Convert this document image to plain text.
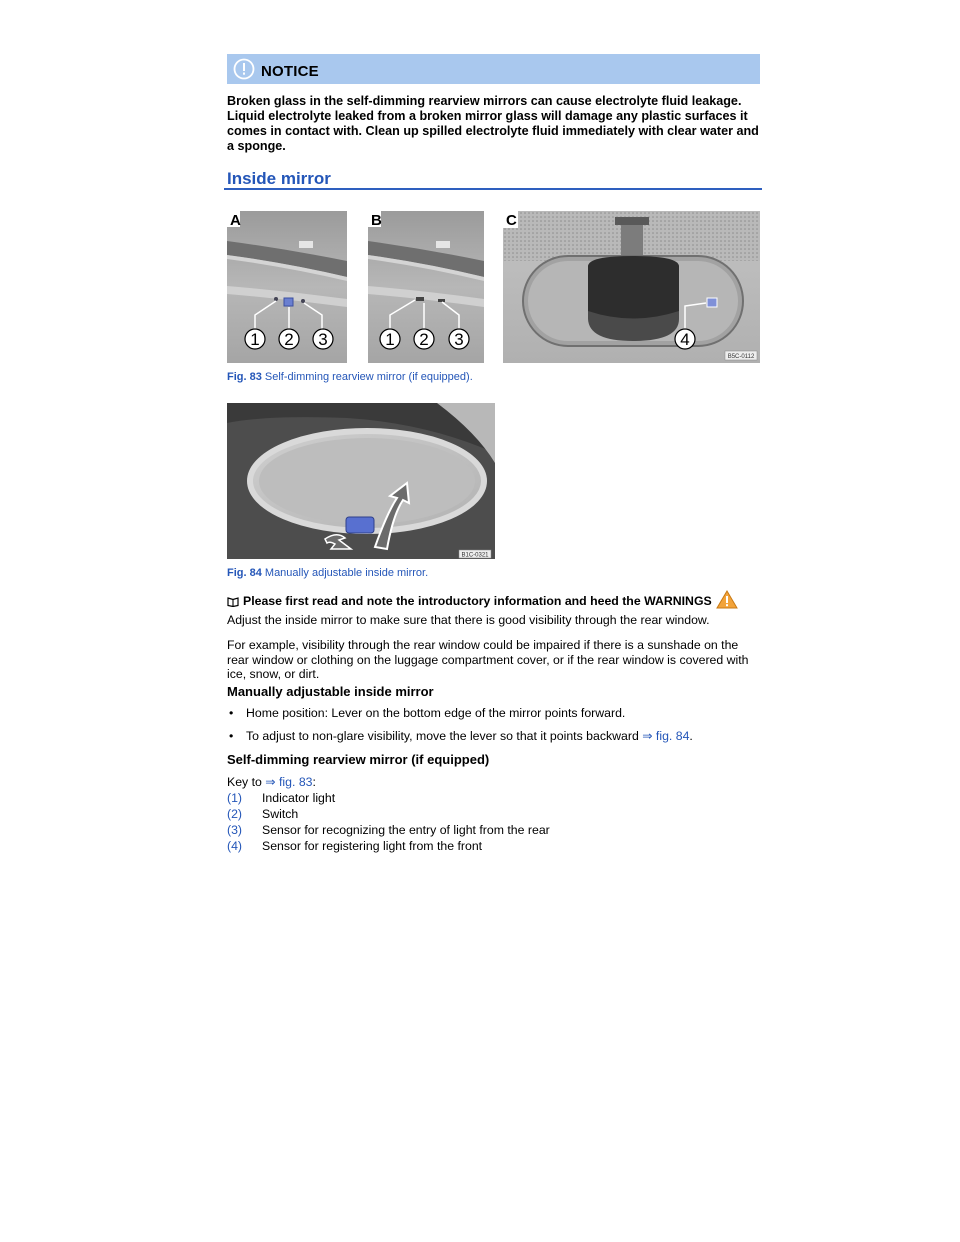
NOTICE
Broken glass in the self-dimming rearview mirrors can cause electrolyte fluid leakage. Liquid electrolyte leaked from a broken mirror glass will damage any plastic surfaces it comes in contact with. Clean up spilled electrolyte fluid immediately with clear water and a sponge.
Inside mirror
A
1 2 3
B
1 2 3
C
4
B5C-0112
Fig. 83 Self-dimming rearview mirror (if equipped).
B1C-0321
Fig. 84 Manually adjustable inside mirror.
Please first read and note the introductory information and heed the WARNINGS
Adjust the inside mirror to make sure that there is good visibility through the rear window.
For example, visibility through the rear window could be impaired if there is a sunshade on the rear window or clothing on the luggage compartment cover, or if the rear window is covered with ice, snow, or dirt.
Manually adjustable inside mirror
• Home position: Lever on the bottom edge of the mirror points forward.
• To adjust to non-glare visibility, move the lever so that it points backward ⇒ fig. 84.
Self-dimming rearview mirror (if equipped)
Key to ⇒ fig. 83:
(1) Indicator light
(2) Switch
(3) Sensor for recognizing the entry of light from the rear
(4) Sensor for registering light from the front
